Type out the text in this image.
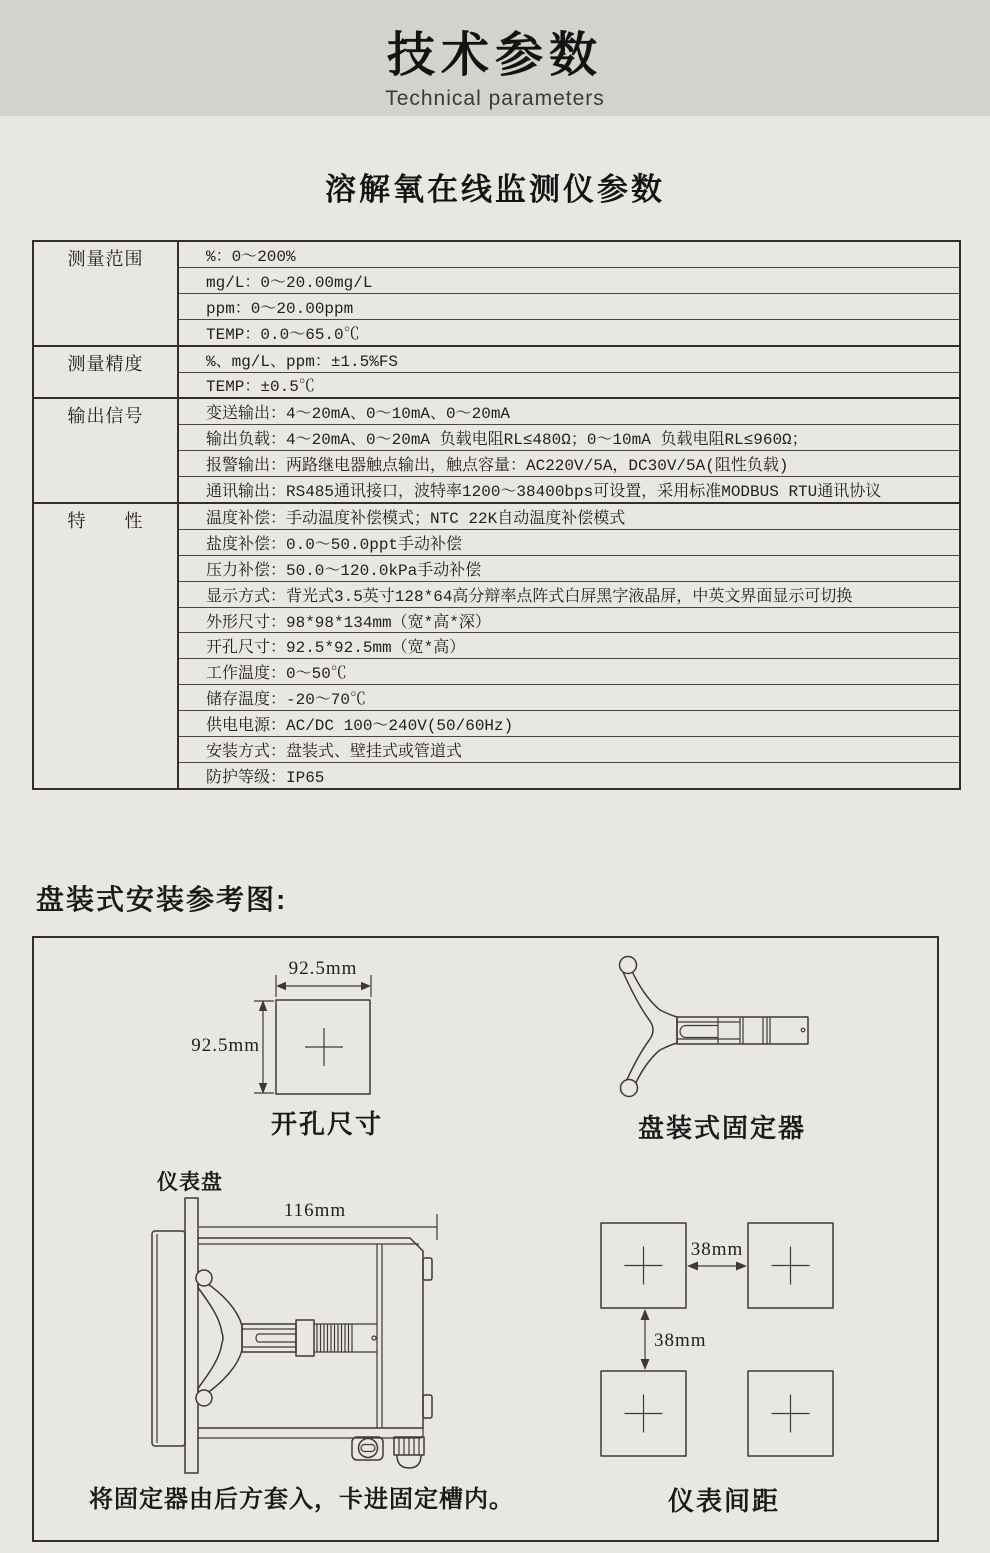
技术参数
Technical parameters
溶解氧在线监测仪参数
测量范围	%：0～200%
	mg/L：0～20.00mg/L
	ppm：0～20.00ppm
	TEMP：0.0～65.0℃
测量精度	%、mg/L、ppm：±1.5%FS
	TEMP：±0.5℃
输出信号	变送输出：4～20mA、0～10mA、0～20mA
	输出负载：4～20mA、0～20mA 负载电阻RL≤480Ω；0～10mA 负载电阻RL≤960Ω；
	报警输出：两路继电器触点输出，触点容量：AC220V/5A，DC30V/5A(阻性负载)
	通讯输出：RS485通讯接口，波特率1200～38400bps可设置，采用标准MODBUS RTU通讯协议
特　　性	温度补偿：手动温度补偿模式；NTC 22K自动温度补偿模式
	盐度补偿：0.0～50.0ppt手动补偿
	压力补偿：50.0～120.0kPa手动补偿
	显示方式：背光式3.5英寸128*64高分辩率点阵式白屏黑字液晶屏，中英文界面显示可切换
	外形尺寸：98*98*134mm（宽*高*深）
	开孔尺寸：92.5*92.5mm（宽*高）
	工作温度：0～50℃
	储存温度：-20～70℃
	供电电源：AC/DC 100～240V(50/60Hz)
	安装方式：盘装式、壁挂式或管道式
	防护等级：IP65
盘装式安装参考图:
92.5mm
92.5mm
开孔尺寸	盘装式固定器
仪表盘
116mm
将固定器由后方套入，卡进固定槽内。
38mm
38mm
仪表间距
